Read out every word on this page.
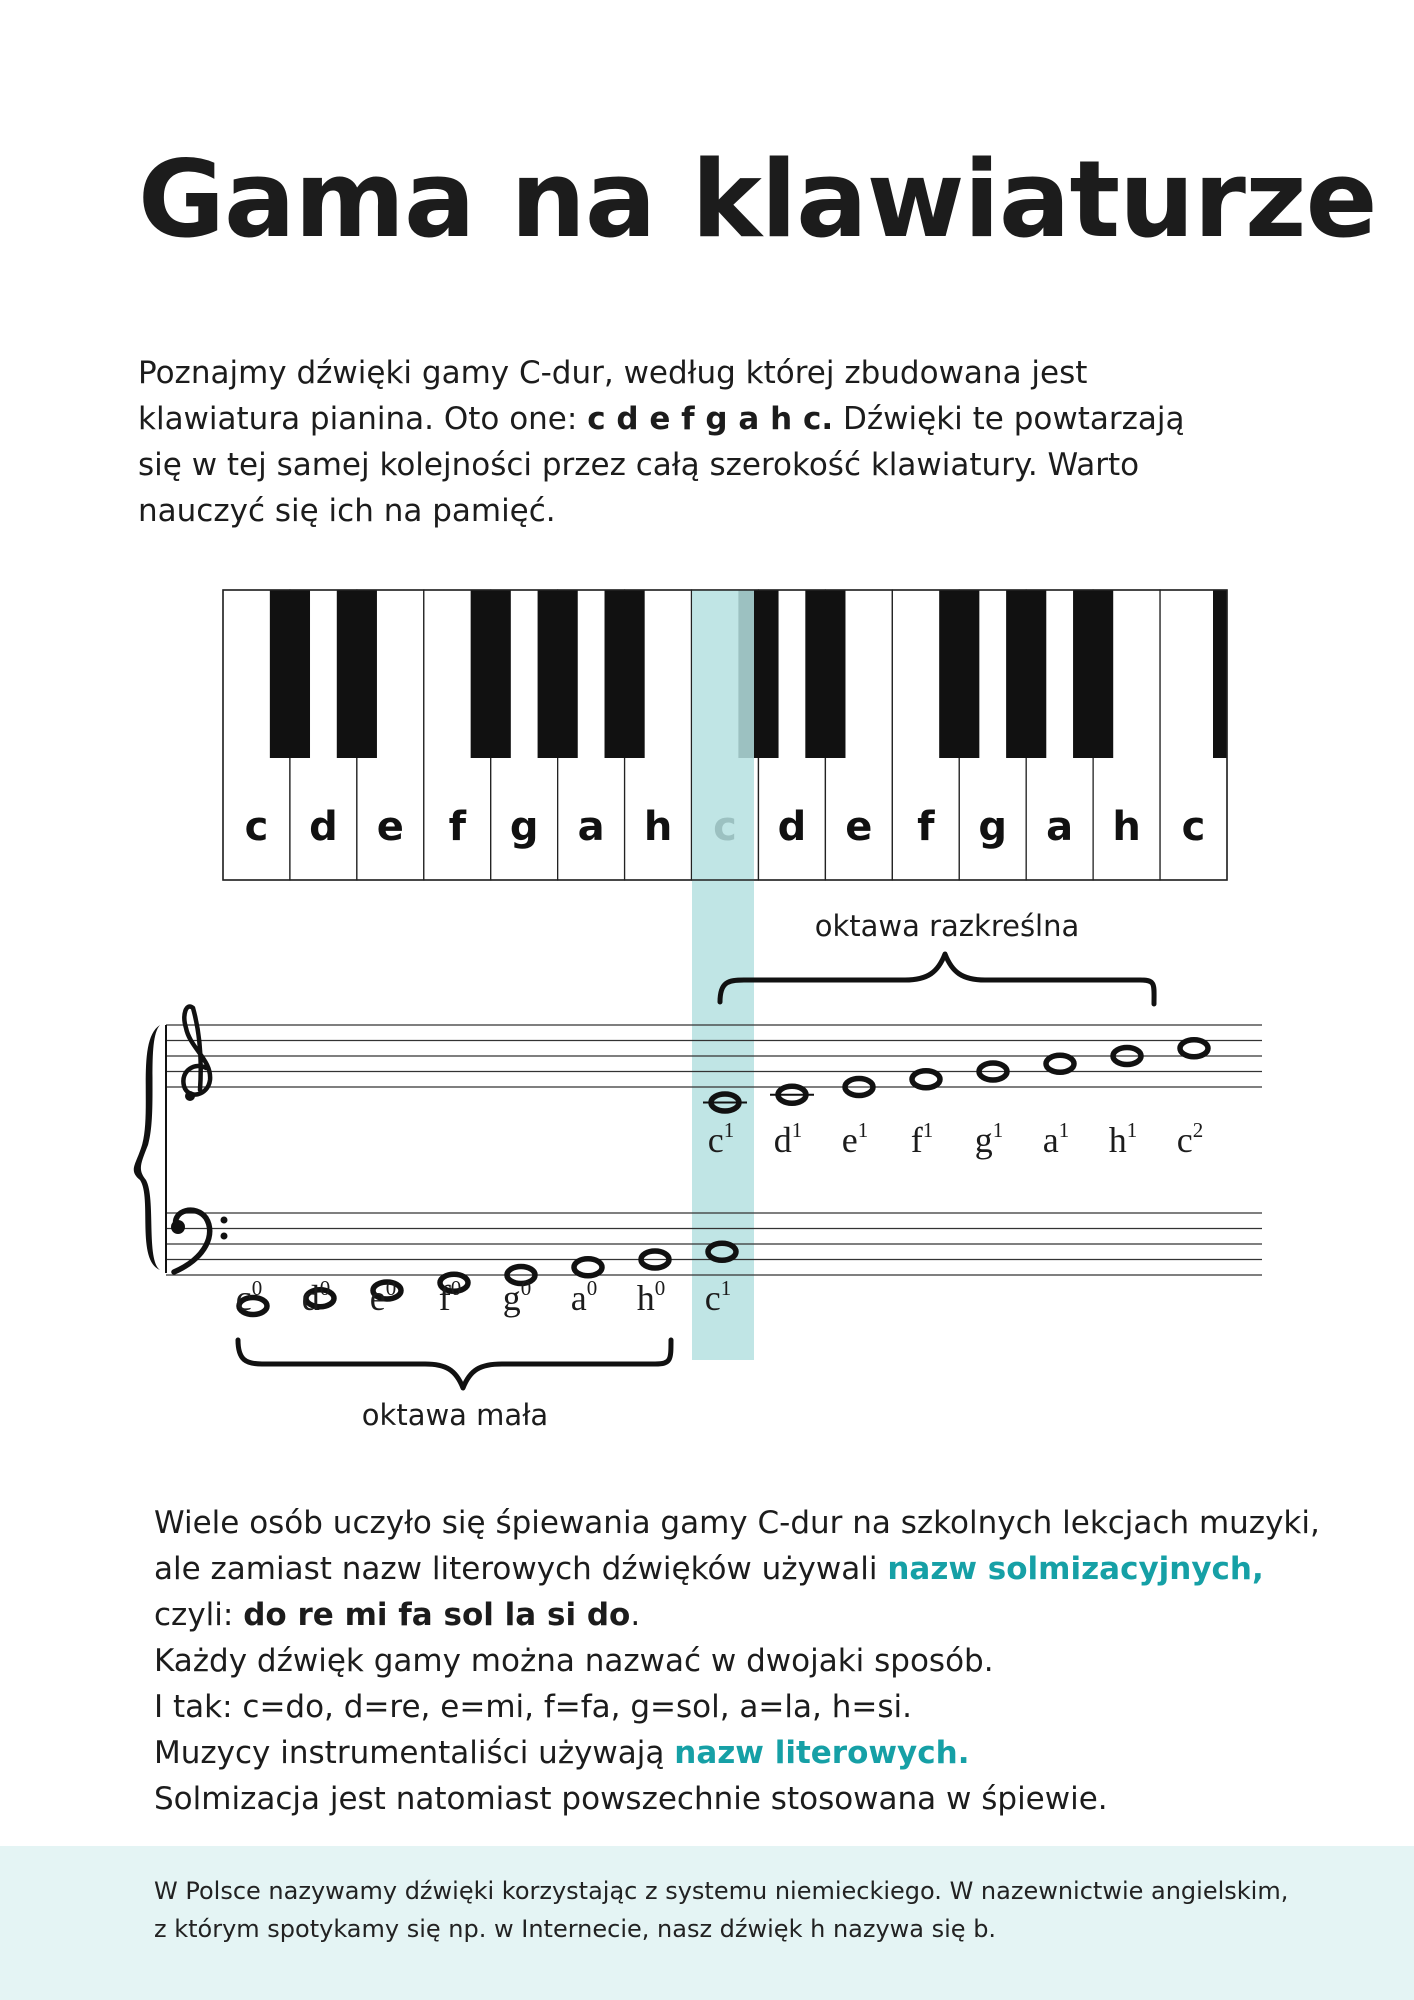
Gama na klawiaturze

Poznajmy dźwięki gamy C-dur, według której zbudowana jest klawiatura pianina. Oto one: c d e f g a h c. Dźwięki te powtarzają się w tej samej kolejności przez całą szerokość klawiatury. Warto nauczyć się ich na pamięć.

c d e f g a h	d e f g a h c
oktawa razkreślna
oktawa mała
$c^0$ $d^0$ $e^0$ $f^0$ $g^0$ $a^0$ $h^0$ $c^1$
$c^1$ $d^1$ $e^1$ $f^1$ $g^1$ $a^1$ $h^1$ $c^2$

Wiele osób uczyło się śpiewania gamy C-dur na szkolnych lekcjach muzyki,

ale zamiast nazw literowych dźwięków używali nazw solmizacyjnych,

czyli: do re mi fa sol la si do.

Każdy dźwięk gamy można nazwać w dwojaki sposób.

I tak: c=do, d=re, e=mi, f=fa, g=sol, a=la, h=si.

Muzycy instrumentaliści używają nazw literowych.

Solmizacja jest natomiast powszechnie stosowana w śpiewie.

W Polsce nazywamy dźwięki korzystając z systemu niemieckiego. W nazewnictwie angielskim, z którym spotykamy się np. w Internecie, nasz dźwięk h nazywa się b.
